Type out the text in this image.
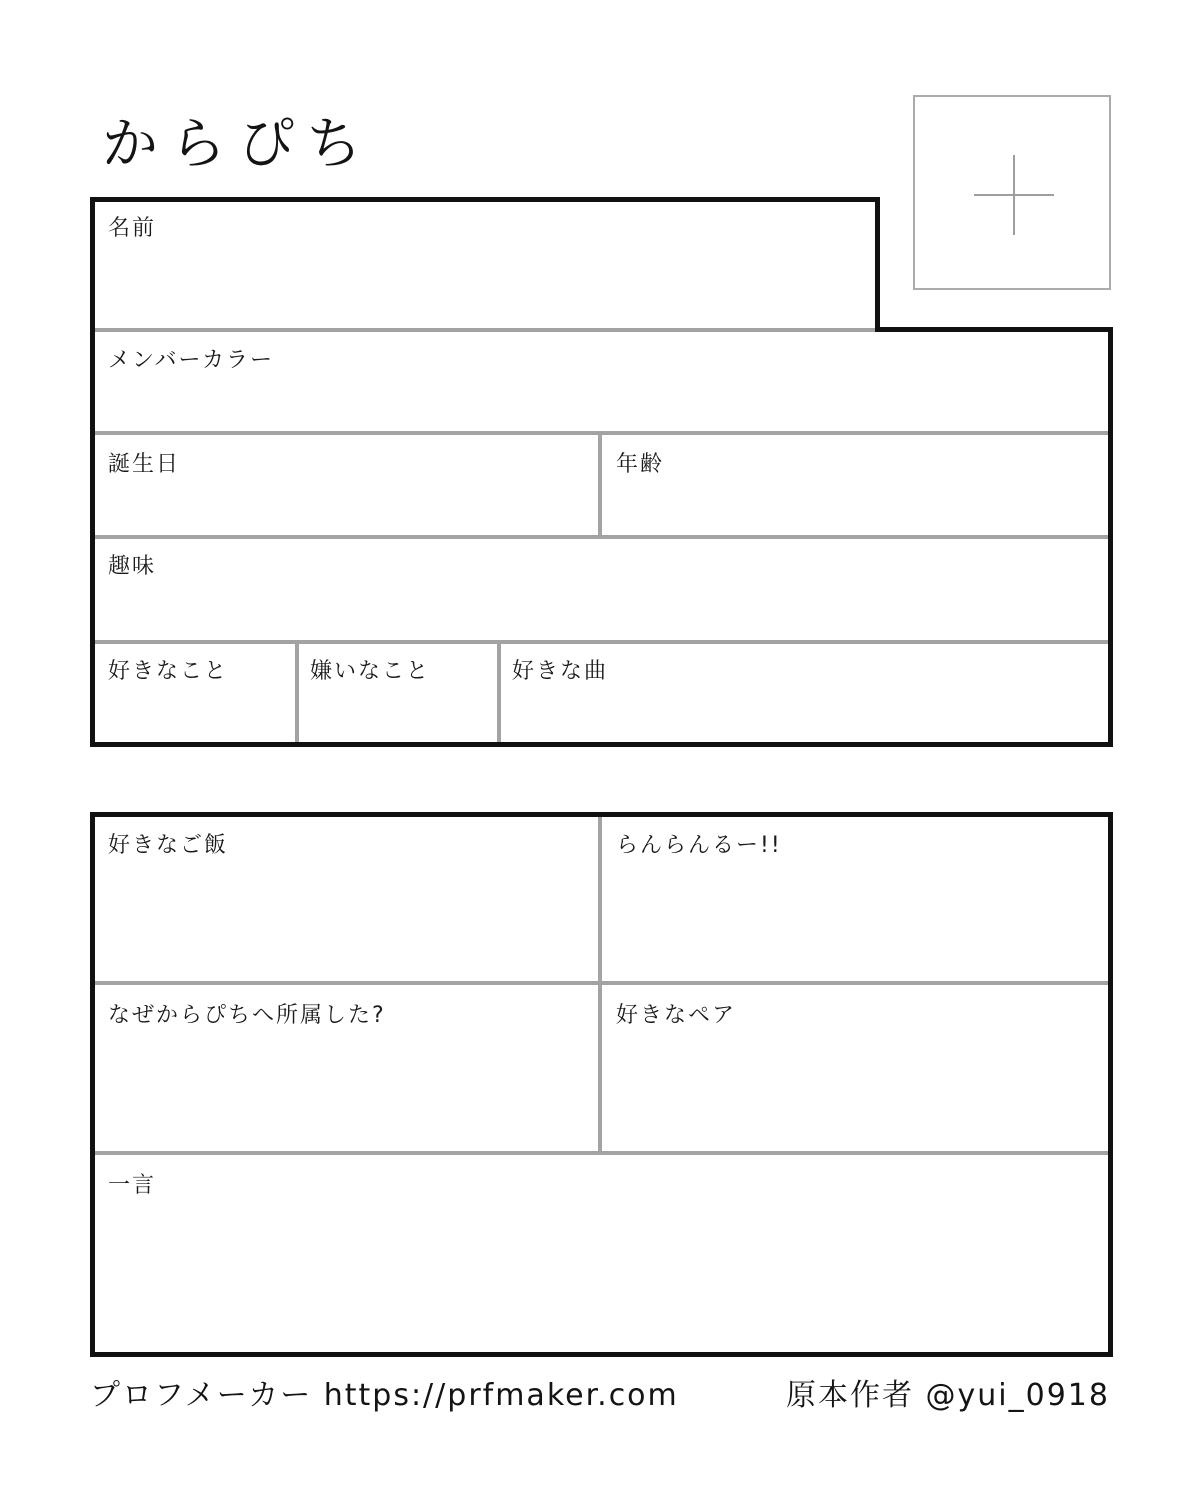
からぴち
名前
メンバーカラー
誕生日	年齢
趣味
好きなこと	嫌いなこと	好きな曲
好きなご飯	らんらんるー!!
なぜからぴちへ所属した?	好きなペア
一言
プロフメーカー https://prfmaker.com	原本作者 @yui_0918
